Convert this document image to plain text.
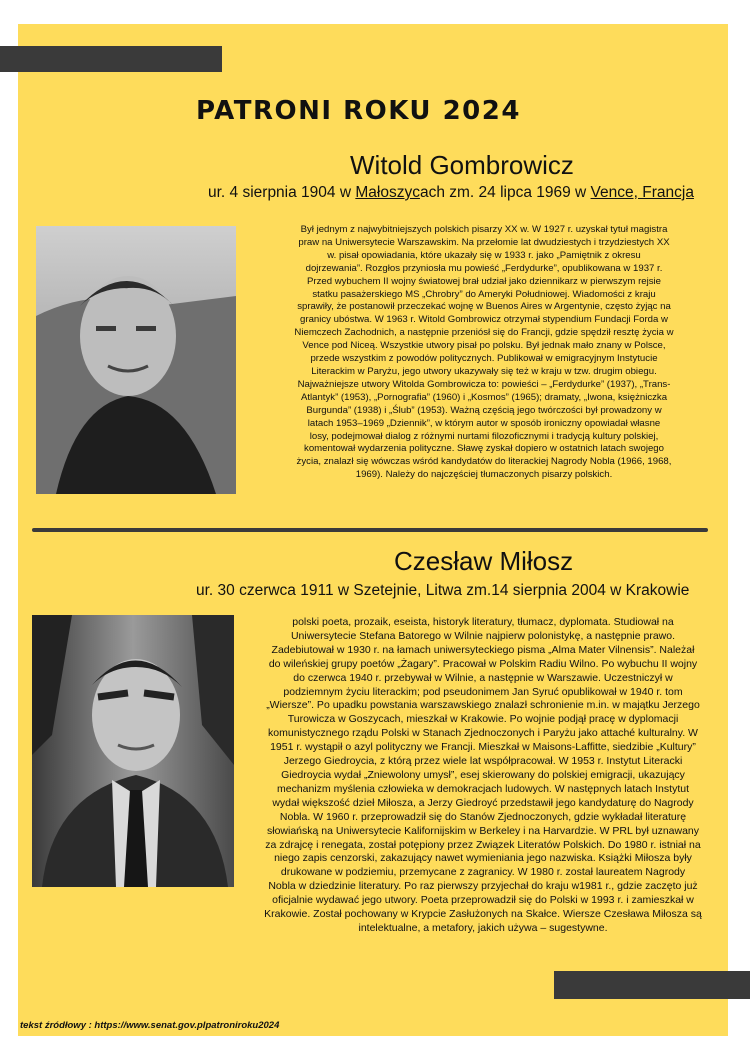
PATRONI ROKU 2024
Witold Gombrowicz
ur. 4 sierpnia 1904 w Małoszycach zm. 24 lipca 1969 w Vence, Francja
Był jednym z najwybitniejszych polskich pisarzy XX w. W 1927 r. uzyskał tytuł magistra
praw na Uniwersytecie Warszawskim. Na przełomie lat dwudziestych i trzydziestych XX
w. pisał opowiadania, które ukazały się w 1933 r. jako „Pamiętnik z okresu
dojrzewania”. Rozgłos przyniosła mu powieść „Ferdydurke”, opublikowana w 1937 r.
Przed wybuchem II wojny światowej brał udział jako dziennikarz w pierwszym rejsie
statku pasażerskiego MS „Chrobry” do Ameryki Południowej. Wiadomości z kraju
sprawiły, że postanowił przeczekać wojnę w Buenos Aires w Argentynie, często żyjąc na
granicy ubóstwa. W 1963 r. Witold Gombrowicz otrzymał stypendium Fundacji Forda w
Niemczech Zachodnich, a następnie przeniósł się do Francji, gdzie spędził resztę życia w
Vence pod Niceą. Wszystkie utwory pisał po polsku. Był jednak mało znany w Polsce,
przede wszystkim z powodów politycznych. Publikował w emigracyjnym Instytucie
Literackim w Paryżu, jego utwory ukazywały się też w kraju w tzw. drugim obiegu.
Najważniejsze utwory Witolda Gombrowicza to: powieści – „Ferdydurke” (1937), „Trans-
Atlantyk” (1953), „Pornografia” (1960) i „Kosmos” (1965); dramaty, „Iwona, księżniczka
Burgunda” (1938) i „Ślub” (1953). Ważną częścią jego twórczości był prowadzony w
latach 1953–1969 „Dziennik”, w którym autor w sposób ironiczny opowiadał własne
losy, podejmował dialog z różnymi nurtami filozoficznymi i tradycją kultury polskiej,
komentował wydarzenia polityczne. Sławę zyskał dopiero w ostatnich latach swojego
życia, znalazł się wówczas wśród kandydatów do literackiej Nagrody Nobla (1966, 1968,
1969). Należy do najczęściej tłumaczonych pisarzy polskich.
Czesław Miłosz
ur. 30 czerwca 1911 w Szetejnie, Litwa zm.14 sierpnia 2004 w Krakowie
polski poeta, prozaik, eseista, historyk literatury, tłumacz, dyplomata. Studiował na
Uniwersytecie Stefana Batorego w Wilnie najpierw polonistykę, a następnie prawo.
Zadebiutował w 1930 r. na łamach uniwersyteckiego pisma „Alma Mater Vilnensis”. Należał
do wileńskiej grupy poetów „Żagary”. Pracował w Polskim Radiu Wilno. Po wybuchu II wojny
do czerwca 1940 r. przebywał w Wilnie, a następnie w Warszawie. Uczestniczył w
podziemnym życiu literackim; pod pseudonimem Jan Syruć opublikował w 1940 r. tom
„Wiersze”. Po upadku powstania warszawskiego znalazł schronienie m.in. w majątku Jerzego
Turowicza w Goszycach, mieszkał w Krakowie. Po wojnie podjął pracę w dyplomacji
komunistycznego rządu Polski w Stanach Zjednoczonych i Paryżu jako attaché kulturalny. W
1951 r. wystąpił o azyl polityczny we Francji. Mieszkał w Maisons-Laffitte, siedzibie „Kultury”
Jerzego Giedroycia, z którą przez wiele lat współpracował. W 1953 r. Instytut Literacki
Giedroycia wydał „Zniewolony umysł”, esej skierowany do polskiej emigracji, ukazujący
mechanizm myślenia człowieka w demokracjach ludowych. W następnych latach Instytut
wydał większość dzieł Miłosza, a Jerzy Giedroyć przedstawił jego kandydaturę do Nagrody
Nobla. W 1960 r. przeprowadził się do Stanów Zjednoczonych, gdzie wykładał literaturę
słowiańską na Uniwersytecie Kalifornijskim w Berkeley i na Harvardzie. W PRL był uznawany
za zdrajcę i renegata, został potępiony przez Związek Literatów Polskich. Do 1980 r. istniał na
niego zapis cenzorski, zakazujący nawet wymieniania jego nazwiska. Książki Miłosza były
drukowane w podziemiu, przemycane z zagranicy. W 1980 r. został laureatem Nagrody
Nobla w dziedzinie literatury. Po raz pierwszy przyjechał do kraju w1981 r., gdzie zaczęto już
oficjalnie wydawać jego utwory. Poeta przeprowadził się do Polski w 1993 r. i zamieszkał w
Krakowie. Został pochowany w Krypcie Zasłużonych na Skałce. Wiersze Czesława Miłosza są
intelektualne, a metafory, jakich używa – sugestywne.
tekst źródłowy : https://www.senat.gov.plpatroniroku2024
